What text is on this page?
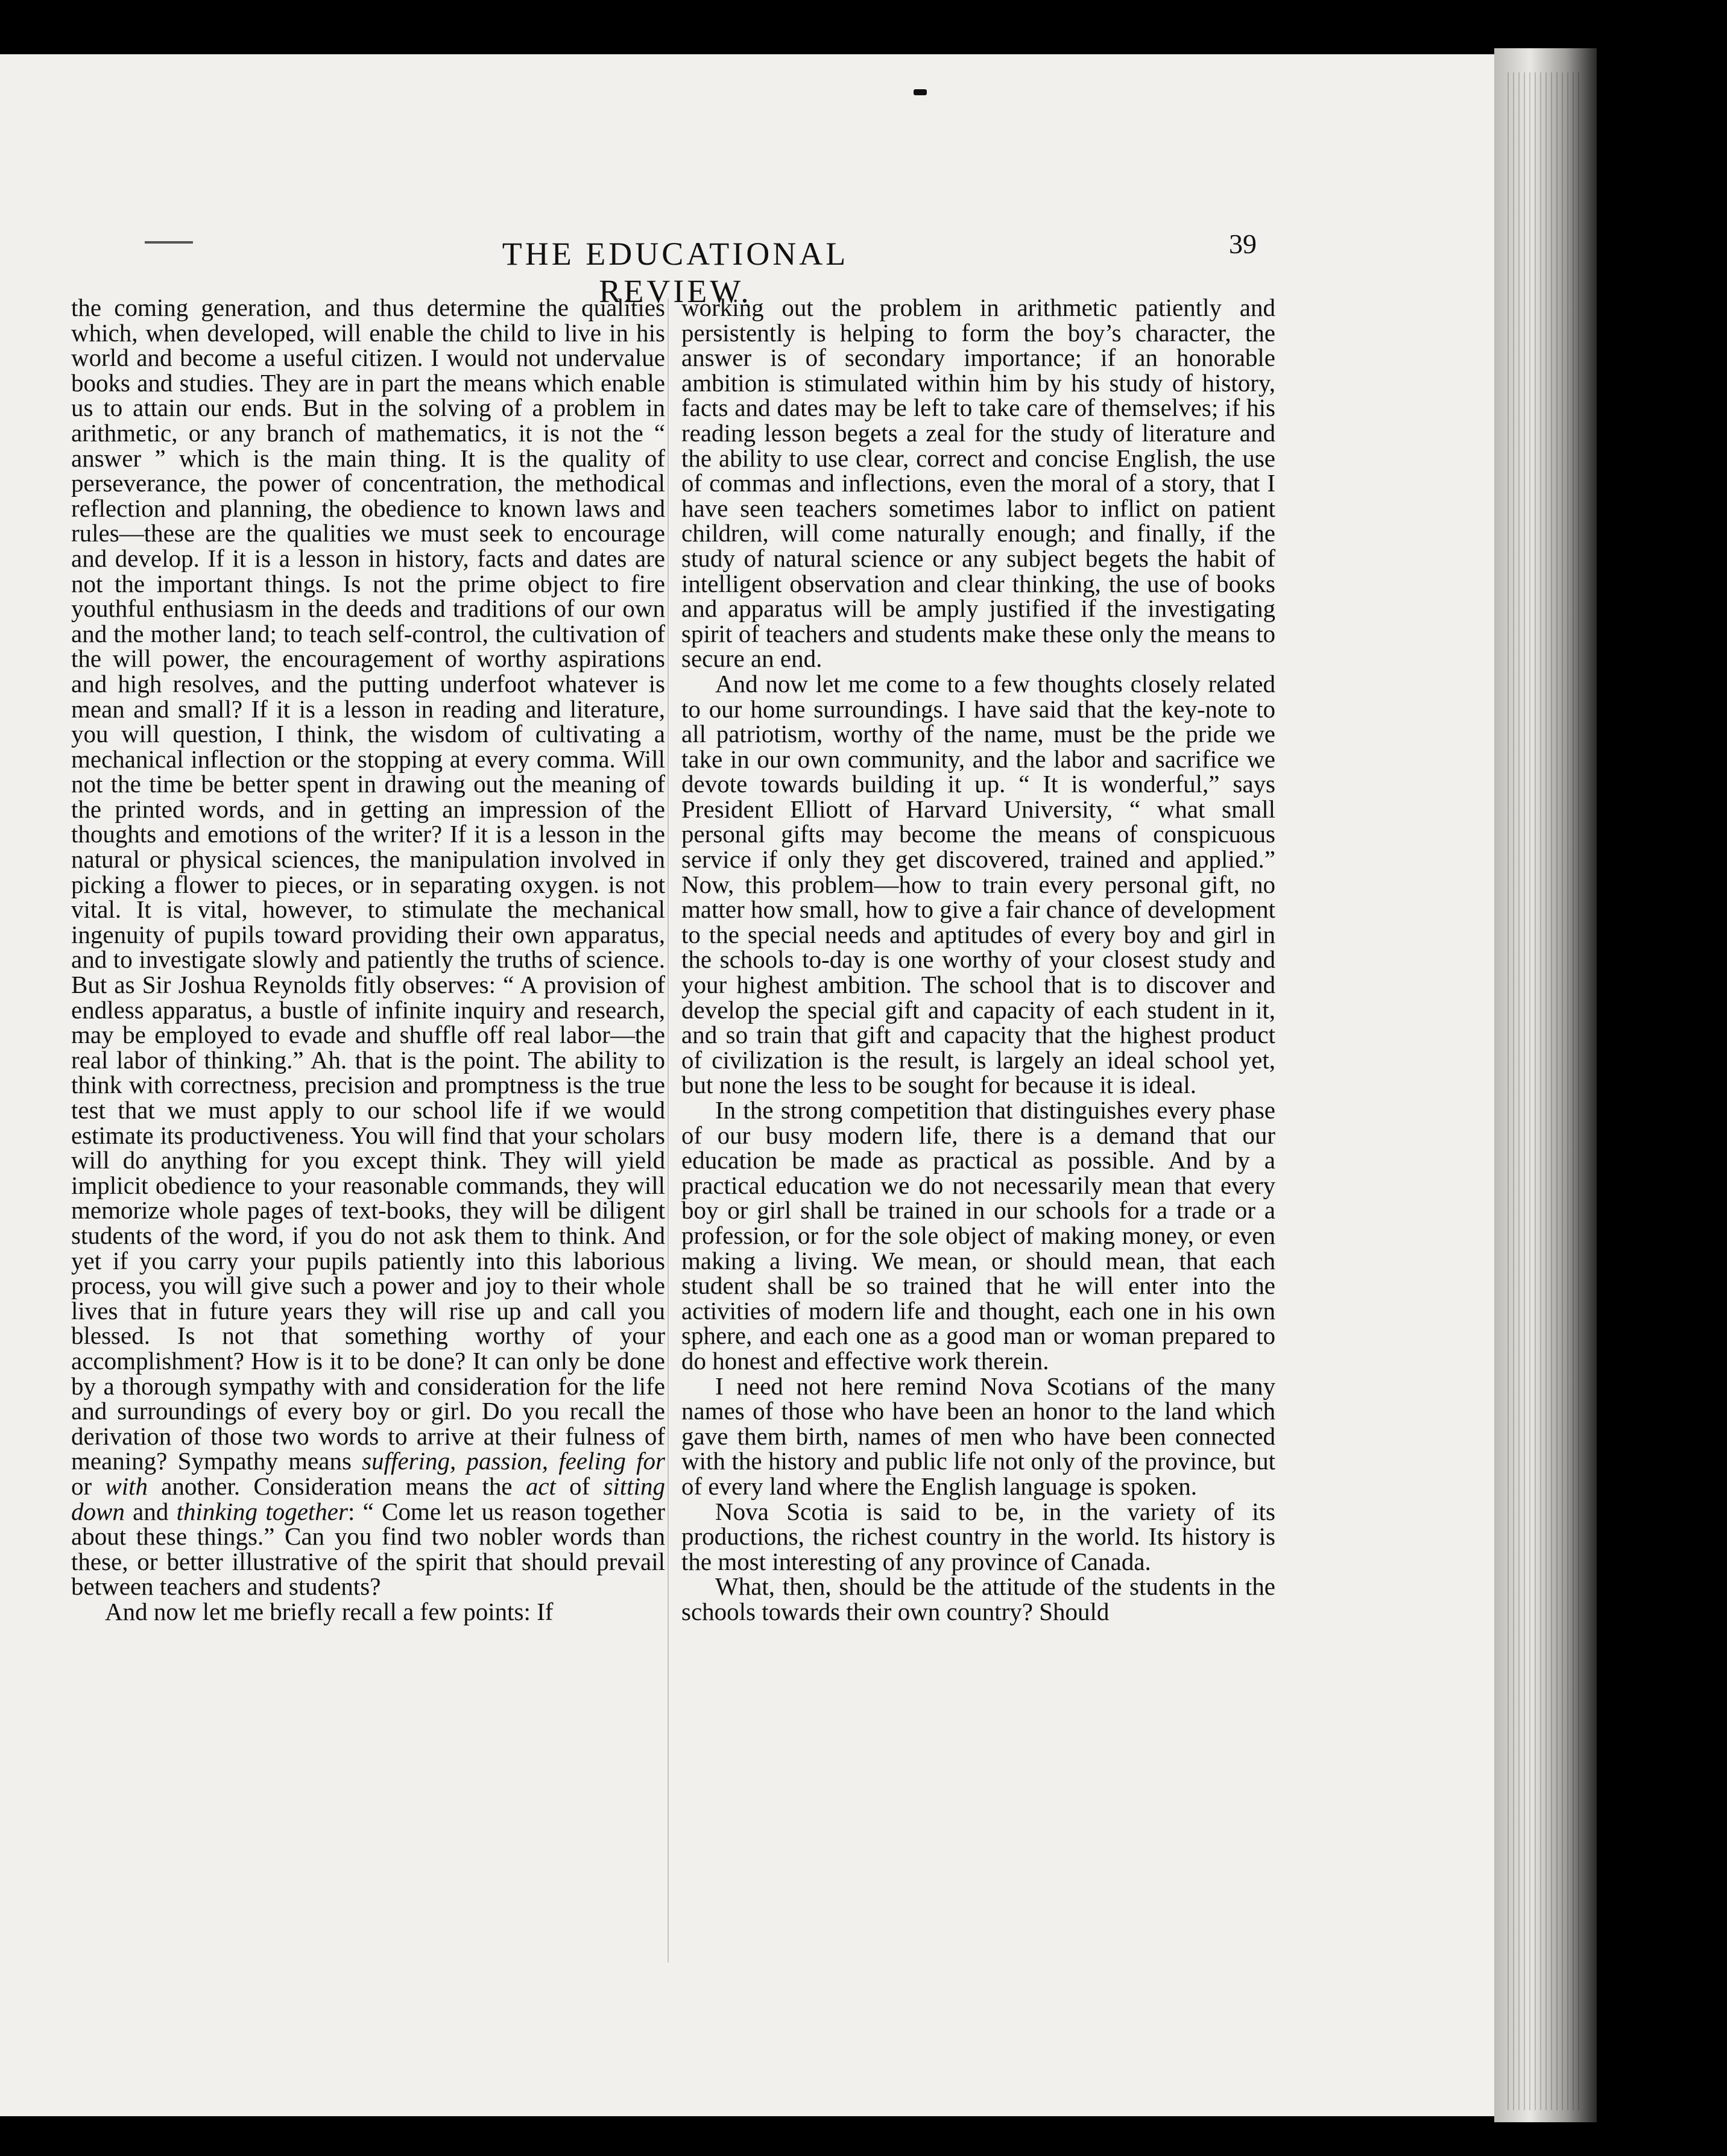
THE EDUCATIONAL REVIEW.
39

the coming generation, and thus determine the qualities which, when developed, will enable the child to live in his world and become a useful citizen. I would not undervalue books and studies. They are in part the means which enable us to attain our ends. But in the solving of a problem in arithmetic, or any branch of mathematics, it is not the “ answer ” which is the main thing. It is the quality of perseverance, the power of concentration, the methodical reflection and planning, the obedience to known laws and rules—these are the qualities we must seek to encourage and develop. If it is a lesson in history, facts and dates are not the important things. Is not the prime object to fire youthful enthusiasm in the deeds and traditions of our own and the mother land; to teach self-control, the cultivation of the will power, the encouragement of worthy aspirations and high resolves, and the putting underfoot whatever is mean and small? If it is a lesson in reading and literature, you will question, I think, the wisdom of cultivating a mechanical inflection or the stopping at every comma. Will not the time be better spent in drawing out the meaning of the printed words, and in getting an impression of the thoughts and emotions of the writer? If it is a lesson in the natural or physical sciences, the manipulation involved in picking a flower to pieces, or in separating oxygen. is not vital. It is vital, however, to stimulate the mechanical ingenuity of pupils toward providing their own apparatus, and to investigate slowly and patiently the truths of science. But as Sir Joshua Reynolds fitly observes: “ A provision of endless apparatus, a bustle of infinite inquiry and research, may be employed to evade and shuffle off real labor—the real labor of thinking.” Ah. that is the point. The ability to think with correctness, precision and promptness is the true test that we must apply to our school life if we would estimate its productiveness. You will find that your scholars will do anything for you except think. They will yield implicit obedience to your reasonable commands, they will memorize whole pages of text-books, they will be diligent students of the word, if you do not ask them to think. And yet if you carry your pupils patiently into this laborious process, you will give such a power and joy to their whole lives that in future years they will rise up and call you blessed. Is not that something worthy of your accomplishment? How is it to be done? It can only be done by a thorough sympathy with and consideration for the life and surroundings of every boy or girl. Do you recall the derivation of those two words to arrive at their fulness of meaning? Sympathy means suffering, passion, feeling for or with another. Consideration means the act of sitting down and thinking together: “ Come let us reason together about these things.” Can you find two nobler words than these, or better illustrative of the spirit that should prevail between teachers and students?

And now let me briefly recall a few points: If

working out the problem in arithmetic patiently and persistently is helping to form the boy’s character, the answer is of secondary importance; if an honorable ambition is stimulated within him by his study of history, facts and dates may be left to take care of themselves; if his reading lesson begets a zeal for the study of literature and the ability to use clear, correct and concise English, the use of commas and inflections, even the moral of a story, that I have seen teachers sometimes labor to inflict on patient children, will come naturally enough; and finally, if the study of natural science or any subject begets the habit of intelligent observation and clear thinking, the use of books and apparatus will be amply justified if the investigating spirit of teachers and students make these only the means to secure an end.

And now let me come to a few thoughts closely related to our home surroundings. I have said that the key-note to all patriotism, worthy of the name, must be the pride we take in our own community, and the labor and sacrifice we devote towards building it up. “ It is wonderful,” says President Elliott of Harvard University, “ what small personal gifts may become the means of conspicuous service if only they get discovered, trained and applied.” Now, this problem—how to train every personal gift, no matter how small, how to give a fair chance of development to the special needs and aptitudes of every boy and girl in the schools to-day is one worthy of your closest study and your highest ambition. The school that is to discover and develop the special gift and capacity of each student in it, and so train that gift and capacity that the highest product of civilization is the result, is largely an ideal school yet, but none the less to be sought for because it is ideal.

In the strong competition that distinguishes every phase of our busy modern life, there is a demand that our education be made as practical as possible. And by a practical education we do not necessarily mean that every boy or girl shall be trained in our schools for a trade or a profession, or for the sole object of making money, or even making a living. We mean, or should mean, that each student shall be so trained that he will enter into the activities of modern life and thought, each one in his own sphere, and each one as a good man or woman prepared to do honest and effective work therein.

I need not here remind Nova Scotians of the many names of those who have been an honor to the land which gave them birth, names of men who have been connected with the history and public life not only of the province, but of every land where the English language is spoken.

Nova Scotia is said to be, in the variety of its productions, the richest country in the world. Its history is the most interesting of any province of Canada.

What, then, should be the attitude of the students in the schools towards their own country? Should
